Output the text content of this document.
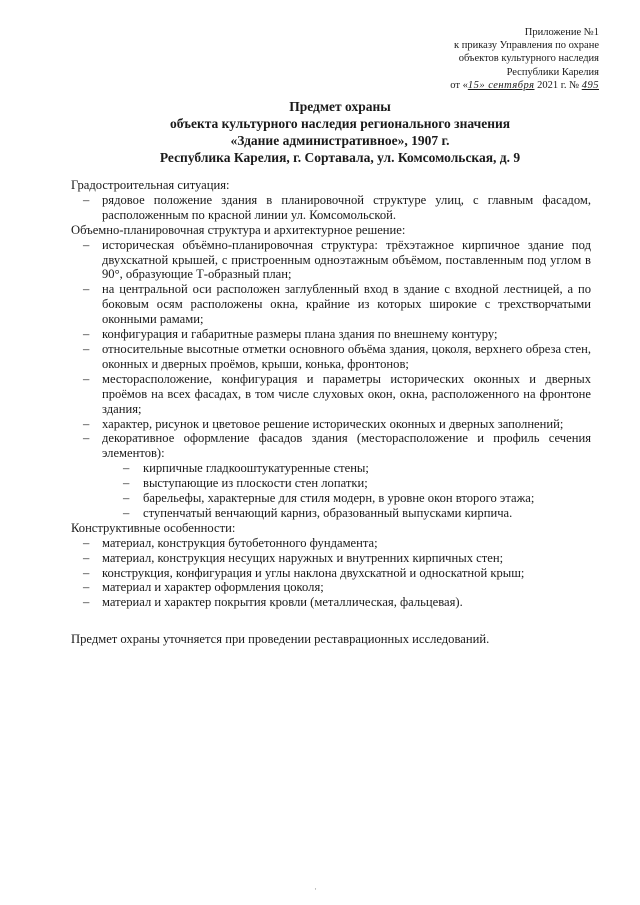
Приложение №1
к приказу Управления по охране
объектов культурного наследия
Республики Карелия
от «15» сентября 2021 г. № 495
Предмет охраны
объекта культурного наследия регионального значения
«Здание административное», 1907 г.
Республика Карелия, г. Сортавала, ул. Комсомольская, д. 9

Градостроительная ситуация:

– рядовое положение здания в планировочной структуре улиц, с главным фасадом, расположенным по красной линии ул. Комсомольской.

Объемно-планировочная структура и архитектурное решение:

– историческая объёмно-планировочная структура: трёхэтажное кирпичное здание под двухскатной крышей, с пристроенным одноэтажным объёмом, поставленным под углом в 90°, образующие Т-образный план;

– на центральной оси расположен заглубленный вход в здание с входной лестницей, а по боковым осям расположены окна, крайние из которых широкие с трехстворчатыми оконными рамами;

– конфигурация и габаритные размеры плана здания по внешнему контуру;

– относительные высотные отметки основного объёма здания, цоколя, верхнего обреза стен, оконных и дверных проёмов, крыши, конька, фронтонов;

– месторасположение, конфигурация и параметры исторических оконных и дверных проёмов на всех фасадах, в том числе слуховых окон, окна, расположенного на фронтоне здания;

– характер, рисунок и цветовое решение исторических оконных и дверных заполнений;

– декоративное оформление фасадов здания (месторасположение и профиль сечения элементов):

– кирпичные гладкооштукатуренные стены;

– выступающие из плоскости стен лопатки;

– барельефы, характерные для стиля модерн, в уровне окон второго этажа;

– ступенчатый венчающий карниз, образованный выпусками кирпича.

Конструктивные особенности:

– материал, конструкция бутобетонного фундамента;

– материал, конструкция несущих наружных и внутренних кирпичных стен;

– конструкция, конфигурация и углы наклона двухскатной и односкатной крыш;

– материал и характер оформления цоколя;

– материал и характер покрытия кровли (металлическая, фальцевая).

Предмет охраны уточняется при проведении реставрационных исследований.

·
